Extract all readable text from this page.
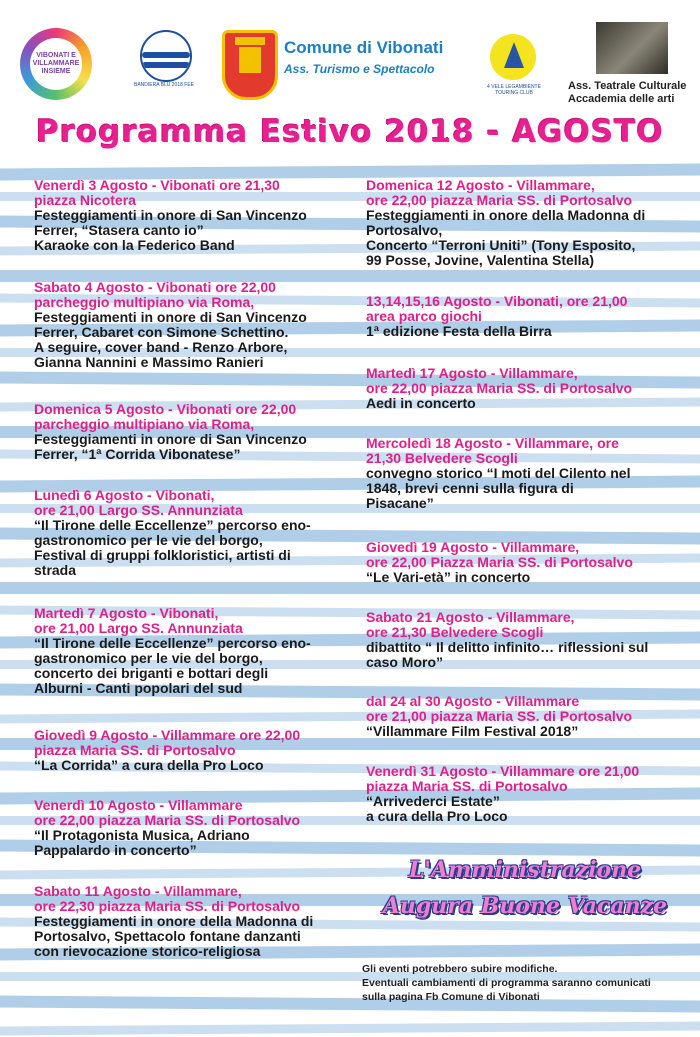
VIBONATI E VILLAMMARE INSIEME
BANDIERA BLU 2018 FEE
Comune di Vibonati
Ass. Turismo e Spettacolo
4 VELE LEGAMBIENTE TOURING CLUB
Ass. Teatrale Culturale
Accademia delle arti
Programma Estivo 2018 - AGOSTO
Venerdì 3 Agosto - Vibonati ore 21,30
piazza Nicotera
Festeggiamenti in onore di San Vincenzo
Ferrer, “Stasera canto io”
Karaoke con la Federico Band
Sabato 4 Agosto - Vibonati ore 22,00
parcheggio multipiano via Roma,
Festeggiamenti in onore di San Vincenzo
Ferrer, Cabaret con Simone Schettino.
A seguire, cover band - Renzo Arbore,
Gianna Nannini e Massimo Ranieri
Domenica 5 Agosto - Vibonati ore 22,00
parcheggio multipiano via Roma,
Festeggiamenti in onore di San Vincenzo
Ferrer, “1ª Corrida Vibonatese”
Lunedì 6 Agosto - Vibonati,
ore 21,00 Largo SS. Annunziata
“Il Tirone delle Eccellenze” percorso eno-
gastronomico per le vie del borgo,
Festival di gruppi folkloristici, artisti di
strada
Martedì 7 Agosto - Vibonati,
ore 21,00 Largo SS. Annunziata
“Il Tirone delle Eccellenze” percorso eno-
gastronomico per le vie del borgo,
concerto dei briganti e bottari degli
Alburni - Canti popolari del sud
Giovedì 9 Agosto - Villammare ore 22,00
piazza Maria SS. di Portosalvo
“La Corrida” a cura della Pro Loco
Venerdì 10 Agosto - Villammare
ore 22,00 piazza Maria SS. di Portosalvo
“Il Protagonista Musica, Adriano
Pappalardo in concerto”
Sabato 11 Agosto - Villammare,
ore 22,30 piazza Maria SS. di Portosalvo
Festeggiamenti in onore della Madonna di
Portosalvo, Spettacolo fontane danzanti
con rievocazione storico-religiosa
Domenica 12 Agosto - Villammare,
ore 22,00 piazza Maria SS. di Portosalvo
Festeggiamenti in onore della Madonna di
Portosalvo,
Concerto “Terroni Uniti” (Tony Esposito,
99 Posse, Jovine, Valentina Stella)
13,14,15,16 Agosto - Vibonati, ore 21,00
area parco giochi
1ª edizione Festa della Birra
Martedì 17 Agosto - Villammare,
ore 22,00 piazza Maria SS. di Portosalvo
Aedi in concerto
Mercoledì 18 Agosto - Villammare, ore
21,30 Belvedere Scogli
convegno storico “I moti del Cilento nel
1848, brevi cenni sulla figura di
Pisacane”
Giovedì 19 Agosto - Villammare,
ore 22,00 Piazza Maria SS. di Portosalvo
“Le Vari-età” in concerto
Sabato 21 Agosto - Villammare,
ore 21,30 Belvedere Scogli
dibattito “ Il delitto infinito… riflessioni sul
caso Moro”
dal 24 al 30 Agosto - Villammare
ore 21,00 piazza Maria SS. di Portosalvo
“Villammare Film Festival 2018”
Venerdì 31 Agosto - Villammare ore 21,00
piazza Maria SS. di Portosalvo
“Arrivederci Estate”
a cura della Pro Loco
L'Amministrazione
Augura Buone Vacanze
Gli eventi potrebbero subire modifiche.
Eventuali cambiamenti di programma saranno comunicati
sulla pagina Fb Comune di Vibonati
